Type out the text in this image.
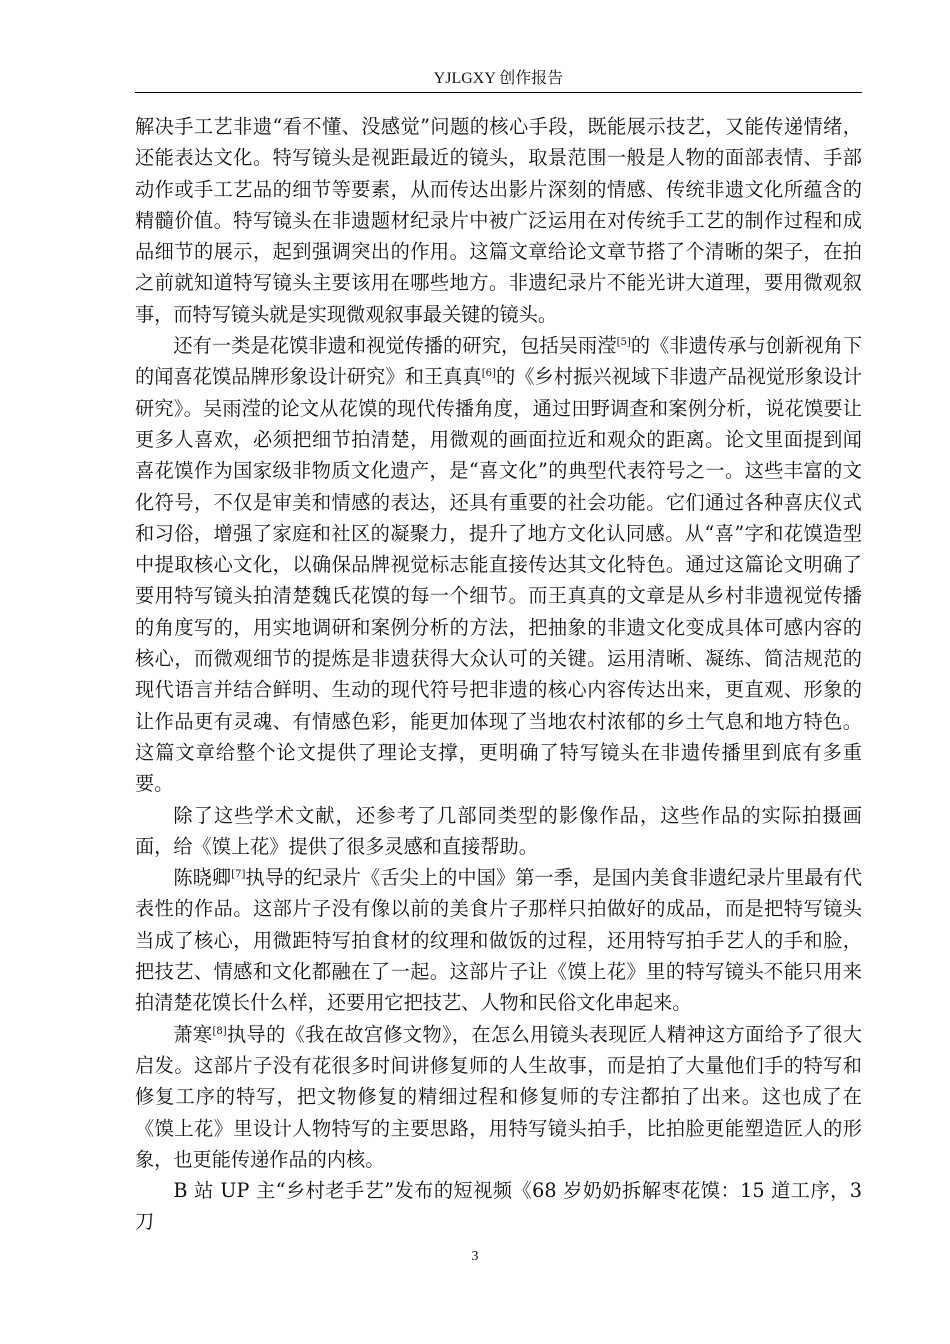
YJLGXY 创作报告

解决手工艺非遗“看不懂、没感觉”问题的核心手段，既能展示技艺，又能传递情绪，还能表达文化。特写镜头是视距最近的镜头，取景范围一般是人物的面部表情、手部动作或手工艺品的细节等要素，从而传达出影片深刻的情感、传统非遗文化所蕴含的精髓价值。特写镜头在非遗题材纪录片中被广泛运用在对传统手工艺的制作过程和成品细节的展示，起到强调突出的作用。这篇文章给论文章节搭了个清晰的架子，在拍之前就知道特写镜头主要该用在哪些地方。非遗纪录片不能光讲大道理，要用微观叙事，而特写镜头就是实现微观叙事最关键的镜头。

还有一类是花馍非遗和视觉传播的研究，包括吴雨滢[5]的《非遗传承与创新视角下的闻喜花馍品牌形象设计研究》和王真真[6]的《乡村振兴视域下非遗产品视觉形象设计研究》。吴雨滢的论文从花馍的现代传播角度，通过田野调查和案例分析，说花馍要让更多人喜欢，必须把细节拍清楚，用微观的画面拉近和观众的距离。论文里面提到闻喜花馍作为国家级非物质文化遗产，是“喜文化”的典型代表符号之一。这些丰富的文化符号，不仅是审美和情感的表达，还具有重要的社会功能。它们通过各种喜庆仪式和习俗，增强了家庭和社区的凝聚力，提升了地方文化认同感。从“喜”字和花馍造型中提取核心文化，以确保品牌视觉标志能直接传达其文化特色。通过这篇论文明确了要用特写镜头拍清楚魏氏花馍的每一个细节。而王真真的文章是从乡村非遗视觉传播的角度写的，用实地调研和案例分析的方法，把抽象的非遗文化变成具体可感内容的核心，而微观细节的提炼是非遗获得大众认可的关键。运用清晰、凝练、简洁规范的现代语言并结合鲜明、生动的现代符号把非遗的核心内容传达出来，更直观、形象的让作品更有灵魂、有情感色彩，能更加体现了当地农村浓郁的乡土气息和地方特色。这篇文章给整个论文提供了理论支撑，更明确了特写镜头在非遗传播里到底有多重要。

除了这些学术文献，还参考了几部同类型的影像作品，这些作品的实际拍摄画面，给《馍上花》提供了很多灵感和直接帮助。

陈晓卿[7]执导的纪录片《舌尖上的中国》第一季，是国内美食非遗纪录片里最有代表性的作品。这部片子没有像以前的美食片子那样只拍做好的成品，而是把特写镜头当成了核心，用微距特写拍食材的纹理和做饭的过程，还用特写拍手艺人的手和脸，把技艺、情感和文化都融在了一起。这部片子让《馍上花》里的特写镜头不能只用来拍清楚花馍长什么样，还要用它把技艺、人物和民俗文化串起来。

萧寒[8]执导的《我在故宫修文物》，在怎么用镜头表现匠人精神这方面给予了很大启发。这部片子没有花很多时间讲修复师的人生故事，而是拍了大量他们手的特写和修复工序的特写，把文物修复的精细过程和修复师的专注都拍了出来。这也成了在《馍上花》里设计人物特写的主要思路，用特写镜头拍手，比拍脸更能塑造匠人的形象，也更能传递作品的内核。

B 站 UP 主“乡村老手艺”发布的短视频《68 岁奶奶拆解枣花馍：15 道工序，3 刀

3
